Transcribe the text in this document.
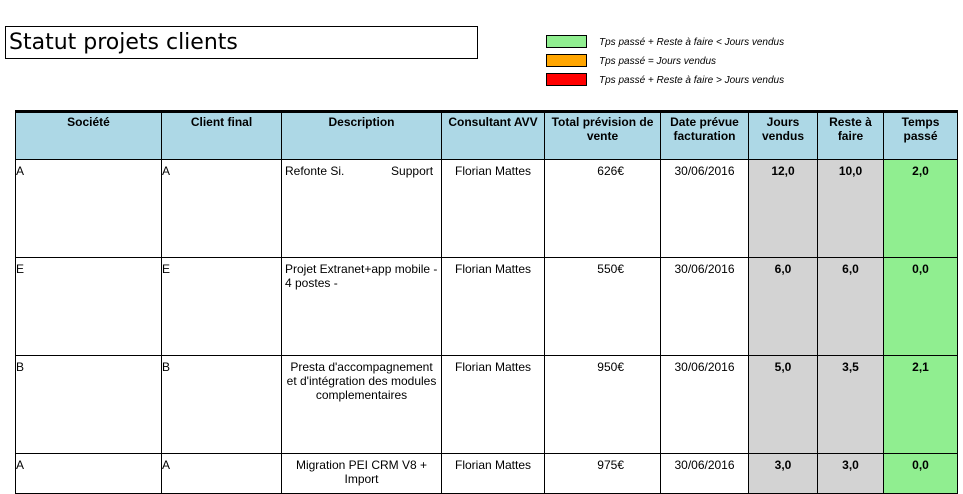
Statut projets clients	Tps passé + Reste à faire < Jours vendus
Tps passé = Jours vendus
Tps passé + Reste à faire > Jours vendus
Société	Client final	Description	Consultant AVV	Total prévision de vente	Date prévue facturation	Jours vendus	Reste à faire	Temps passé
A	A	Refonte Si.              Support	Florian Mattes	626€	30/06/2016	12,0	10,0	2,0
E	E	Projet Extranet+app mobile - 4 postes -	Florian Mattes	550€	30/06/2016	6,0	6,0	0,0
B	B	Presta d'accompagnement et d'intégration des modules complementaires	Florian Mattes	950€	30/06/2016	5,0	3,5	2,1
A	A	Migration PEI CRM V8 + Import	Florian Mattes	975€	30/06/2016	3,0	3,0	0,0
